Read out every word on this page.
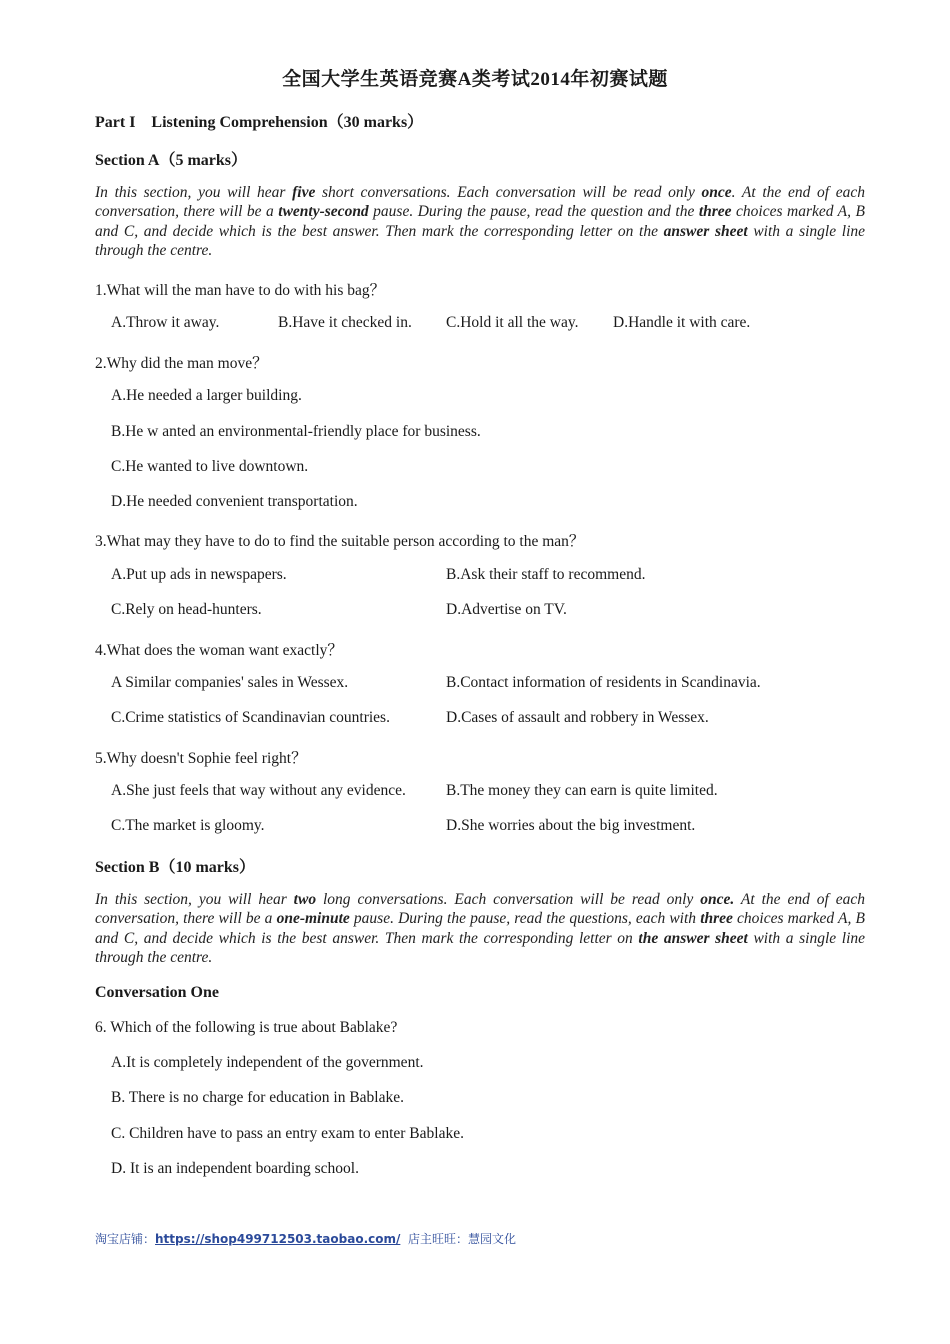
全国大学生英语竞赛A类考试2014年初赛试题
Part I　Listening Comprehension（30 marks）
Section A（5 marks）
In this section, you will hear five short conversations. Each conversation will be read only once. At the end of each conversation, there will be a twenty-second pause. During the pause, read the question and the three choices marked A, B and C, and decide which is the best answer. Then mark the corresponding letter on the answer sheet with a single line through the centre.
1.What will the man have to do with his bag？
A.Throw it away.	B.Have it checked in. C.Hold it all the way. D.Handle it with care.
2.Why did the man move？
A.He needed a larger building.
B.He w anted an environmental-friendly place for business.
C.He wanted to live downtown.
D.He needed convenient transportation.
3.What may they have to do to find the suitable person according to the man？
A.Put up ads in newspapers.	B.Ask their staff to recommend.
C.Rely on head-hunters.	D.Advertise on TV.
4.What does the woman want exactly？
A Similar companies' sales in Wessex.	B.Contact information of residents in Scandinavia.
C.Crime statistics of Scandinavian countries.	D.Cases of assault and robbery in Wessex.
5.Why doesn't Sophie feel right？
A.She just feels that way without any evidence.	B.The money they can earn is quite limited.
C.The market is gloomy.	D.She worries about the big investment.
Section B（10 marks）
In this section, you will hear two long conversations. Each conversation will be read only once. At the end of each conversation, there will be a one-minute pause. During the pause, read the questions, each with three choices marked A, B and C, and decide which is the best answer. Then mark the corresponding letter on the answer sheet with a single line through the centre.
Conversation One
6. Which of the following is true about Bablake?
A.It is completely independent of the government.
B. There is no charge for education in Bablake.
C. Children have to pass an entry exam to enter Bablake.
D. It is an independent boarding school.
淘宝店铺：https://shop499712503.taobao.com/  店主旺旺：慧园文化
